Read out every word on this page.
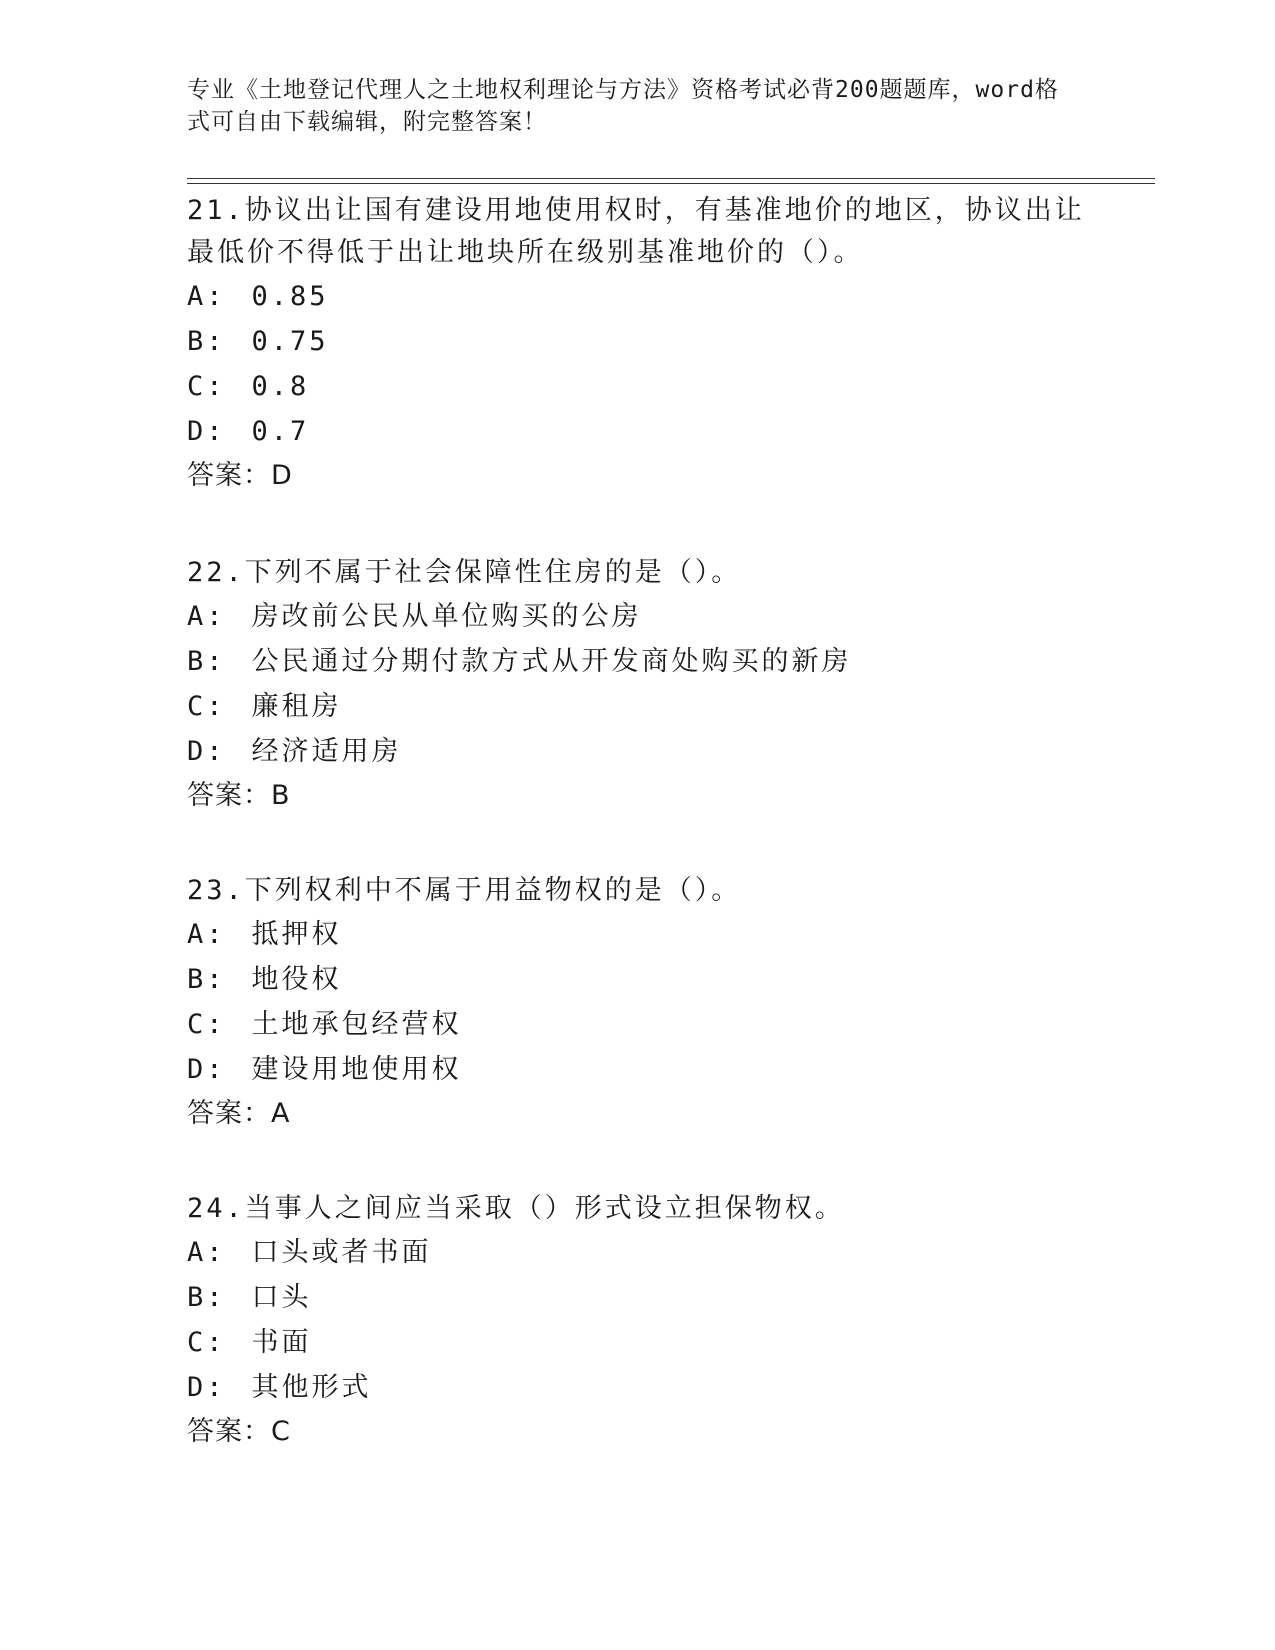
专业《土地登记代理人之土地权利理论与方法》资格考试必背200题题库，word格式可自由下载编辑，附完整答案！
21.协议出让国有建设用地使用权时，有基准地价的地区，协议出让最低价不得低于出让地块所在级别基准地价的（）。
A: 0.85
B: 0.75
C: 0.8
D: 0.7
答案：D
22.下列不属于社会保障性住房的是（）。
A: 房改前公民从单位购买的公房
B: 公民通过分期付款方式从开发商处购买的新房
C: 廉租房
D: 经济适用房
答案：B
23.下列权利中不属于用益物权的是（）。
A: 抵押权
B: 地役权
C: 土地承包经营权
D: 建设用地使用权
答案：A
24.当事人之间应当采取（）形式设立担保物权。
A: 口头或者书面
B: 口头
C: 书面
D: 其他形式
答案：C
